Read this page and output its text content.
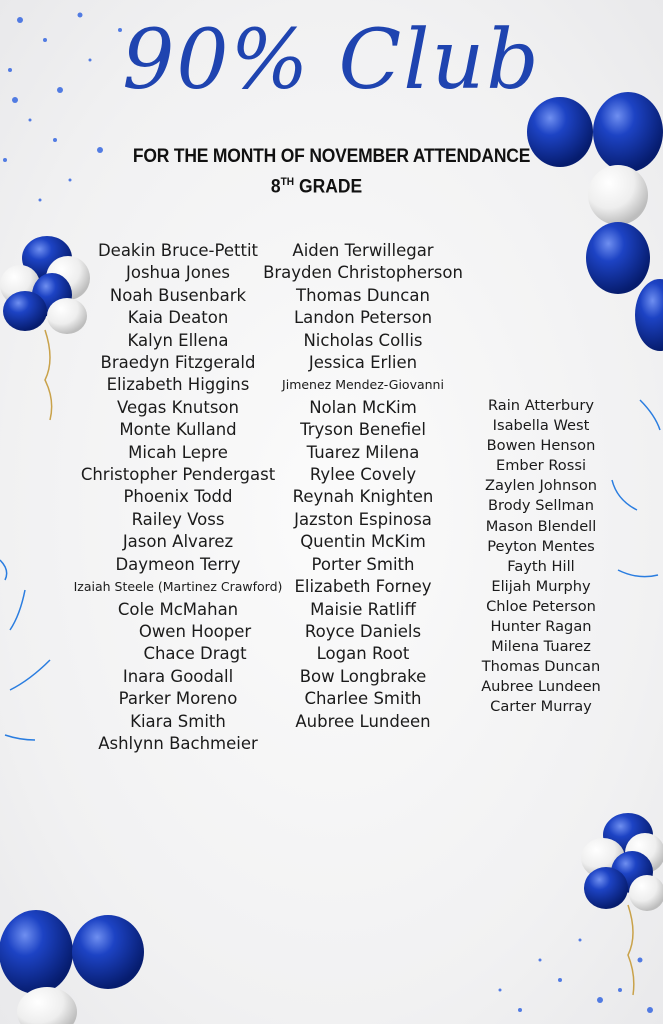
90% Club
FOR THE MONTH OF NOVEMBER ATTENDANCE
8TH GRADE
Deakin Bruce-Pettit
Joshua Jones
Noah Busenbark
Kaia Deaton
Kalyn Ellena
Braedyn Fitzgerald
Elizabeth Higgins
Vegas Knutson
Monte Kulland
Micah Lepre
Christopher Pendergast
Phoenix Todd
Railey Voss
Jason Alvarez
Daymeon Terry
Izaiah Steele (Martinez Crawford)
Cole McMahan
Owen Hooper
Chace Dragt
Inara Goodall
Parker Moreno
Kiara Smith
Ashlynn Bachmeier
Aiden Terwillegar
Brayden Christopherson
Thomas Duncan
Landon Peterson
Nicholas Collis
Jessica Erlien
Jimenez Mendez-Giovanni
Nolan McKim
Tryson Benefiel
Tuarez Milena
Rylee Covely
Reynah Knighten
Jazston Espinosa
Quentin McKim
Porter Smith
Elizabeth Forney
Maisie Ratliff
Royce Daniels
Logan Root
Bow Longbrake
Charlee Smith
Aubree Lundeen
Rain Atterbury
Isabella West
Bowen Henson
Ember Rossi
Zaylen Johnson
Brody Sellman
Mason Blendell
Peyton Mentes
Fayth Hill
Elijah Murphy
Chloe Peterson
Hunter Ragan
Milena Tuarez
Thomas Duncan
Aubree Lundeen
Carter Murray
